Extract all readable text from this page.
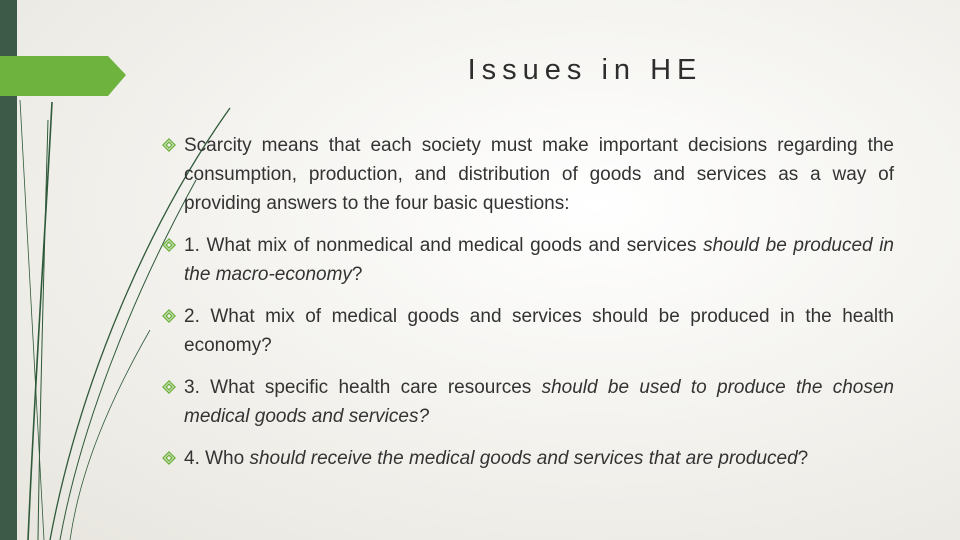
Issues in HE
Scarcity means that each society must make important decisions regarding the consumption, production, and distribution of goods and services as a way of providing answers to the four basic questions:
1. What mix of nonmedical and medical goods and services should be produced in the macro-economy?
2. What mix of medical goods and services should be produced in the health economy?
3. What specific health care resources should be used to produce the chosen medical goods and services?
4. Who should receive the medical goods and services that are produced?
